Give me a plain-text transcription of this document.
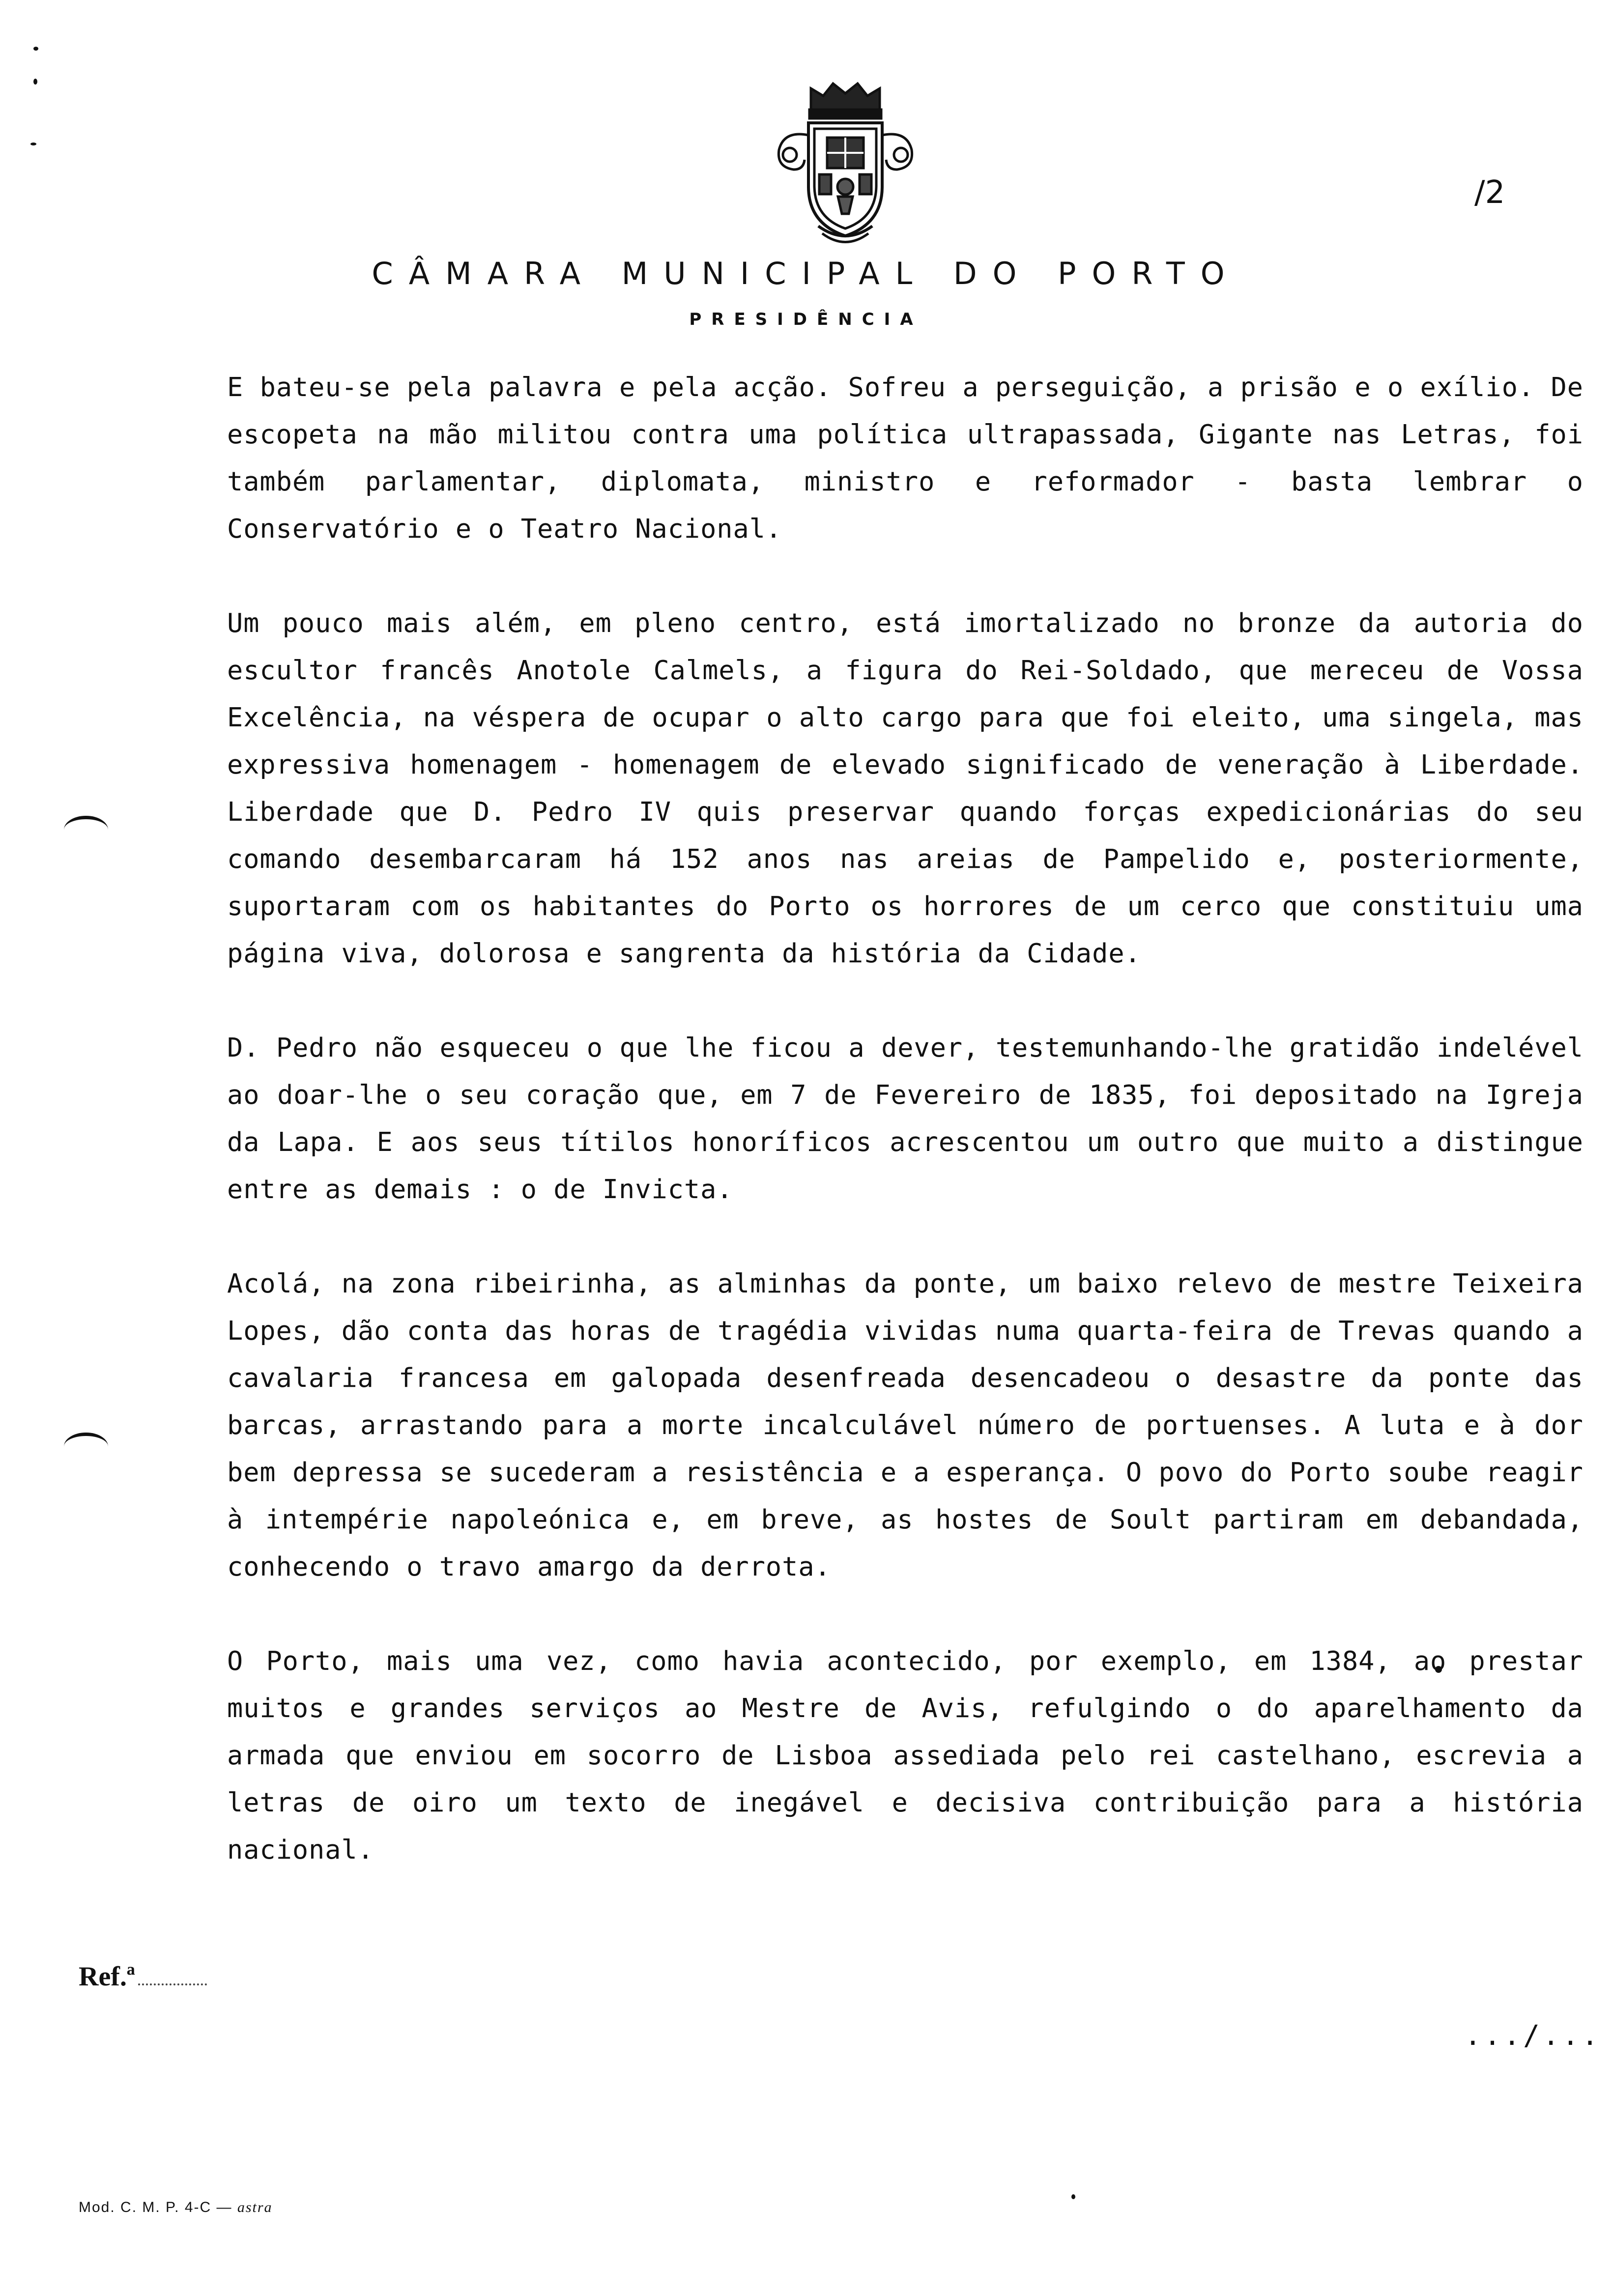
/2
CÂMARA MUNICIPAL DO PORTO
PRESIDÊNCIA

E bateu-se pela palavra e pela acção. Sofreu a perseguição, a prisão e o exílio. De escopeta na mão militou contra uma política ultrapassada, Gigante nas Letras, foi também parlamentar, diplomata, ministro e reformador - basta lembrar o Conservatório e o Teatro Nacional.

Um pouco mais além, em pleno centro, está imortalizado no bronze da autoria do escultor francês Anotole Calmels, a figura do Rei-Soldado, que mereceu de Vossa Excelência, na véspera de ocupar o alto cargo para que foi eleito, uma singela, mas expressiva homenagem - homenagem de elevado significado de veneração à Liberdade. Liberdade que D. Pedro IV quis preservar quando forças expedicionárias do seu comando desembarcaram há 152 anos nas areias de Pampelido e, posteriormente, suportaram com os habitantes do Porto os horrores de um cerco que constituiu uma página viva, dolorosa e sangrenta da história da Cidade.

D. Pedro não esqueceu o que lhe ficou a dever, testemunhando-lhe gratidão indelével ao doar-lhe o seu coração que, em 7 de Fevereiro de 1835, foi depositado na Igreja da Lapa. E aos seus títilos honoríficos acrescentou um outro que muito a distingue entre as demais : o de Invicta.

Acolá, na zona ribeirinha, as alminhas da ponte, um baixo relevo de mestre Teixeira Lopes, dão conta das horas de tragédia vividas numa quarta-feira de Trevas quando a cavalaria francesa em galopada desenfreada desencadeou o desastre da ponte das barcas, arrastando para a morte incalculável número de portuenses. A luta e à dor bem depressa se sucederam a resistência e a esperança. O povo do Porto soube reagir à intempérie napoleónica e, em breve, as hostes de Soult partiram em debandada, conhecendo o travo amargo da derrota.

O Porto, mais uma vez, como havia acontecido, por exemplo, em 1384, ao prestar muitos e grandes serviços ao Mestre de Avis, refulgindo o do aparelhamento da armada que enviou em socorro de Lisboa assediada pelo rei castelhano, escrevia a letras de oiro um texto de inegável e decisiva contribuição para a história nacional.

Ref.ª
.../...
Mod. C. M. P. 4-C — astra
